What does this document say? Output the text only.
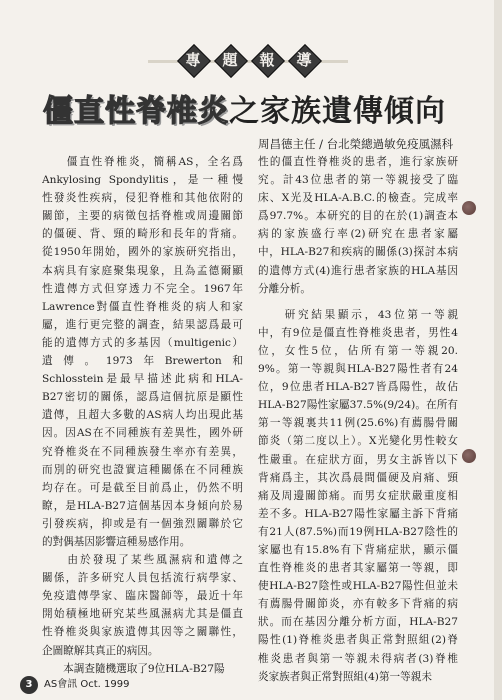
專	題	報	導
僵直性脊椎炎之家族遺傳傾向
周昌德主任 ∕ 台北榮總過敏免疫風濕科
　　僵直性脊椎炎，簡稱AS，全名爲
Ankylosing Spondylitis，是一種慢
性發炎性疾病，侵犯脊椎和其他依附的
關節，主要的病徵包括脊椎或周邊關節
的僵硬、背、頸的畸形和長年的背痛。
從1950年開始，國外的家族研究指出，
本病具有家庭聚集現象，且為孟德爾顯
性遺傳方式但穿透力不完全。1967年
Lawrence對僵直性脊椎炎的病人和家
屬，進行更完整的調查，結果認爲最可
能的遺傳方式的多基因（multigenic）
遺傳。1973年Brewerton和
Schlosstein是最早描述此病和HLA-
B27密切的關係，認爲這個抗原是顯性
遺傳，且超大多數的AS病人均出現此基
因。因AS在不同種族有差異性，國外研
究脊椎炎在不同種族發生率亦有差異，
而別的研究也證實這種關係在不同種族
均存在。可是截至目前爲止，仍然不明
瞭，是HLA-B27這個基因本身傾向於易
引發疾病，抑或是有一個強烈關聯於它
的對偶基因影響這種易感作用。
　　由於發現了某些風濕病和遺傳之
關係，許多研究人員包括流行病學家、
免疫遺傳學家、臨床醫師等，最近十年
開始積極地研究某些風濕病尤其是僵直
性脊椎炎與家族遺傳其因等之關聯性，
企圖瞭解其真正的病因。
　　本調查隨機選取了9位HLA-B27陽
性的僵直性脊椎炎的患者，進行家族研
究。計43位患者的第一等親接受了臨
床、X光及HLA-A.B.C.的檢查。完成率
爲97.7%。本研究的目的在於(1)調查本
病的家族盛行率(2)研究在患者家屬
中，HLA-B27和疾病的關係(3)探討本病
的遺傳方式(4)進行患者家族的HLA基因
分離分析。
　　研究結果顯示，43位第一等親
中，有9位是僵直性脊椎炎患者，男性4
位，女性5位，佔所有第一等親20.
9%。第一等親與HLA-B27陽性者有24
位，9位患者HLA-B27皆爲陽性，故佔
HLA-B27陽性家屬37.5%(9/24)。在所有
第一等親裏共11例(25.6%)有薦腸骨關
節炎（第二度以上）。X光變化男性較女
性嚴重。在症狀方面，男女主訴皆以下
背痛爲主，其次爲晨間僵硬及肩痛、頸
痛及周邊關節痛。而男女症狀嚴重度相
差不多。HLA-B27陽性家屬主訴下背痛
有21人(87.5%)而19例HLA-B27陰性的
家屬也有15.8%有下背痛症狀，顯示僵
直性脊椎炎的患者其家屬第一等親，即
使HLA-B27陰性或HLA-B27陽性但並未
有薦腸骨關節炎，亦有較多下背痛的病
狀。而在基因分離分析方面，HLA-B27
陽性(1)脊椎炎患者與正常對照組(2)脊
椎炎患者與第一等親未得病者(3)脊椎
炎家族者與正常對照組(4)第一等親未
3 AS會訊 Oct. 1999
